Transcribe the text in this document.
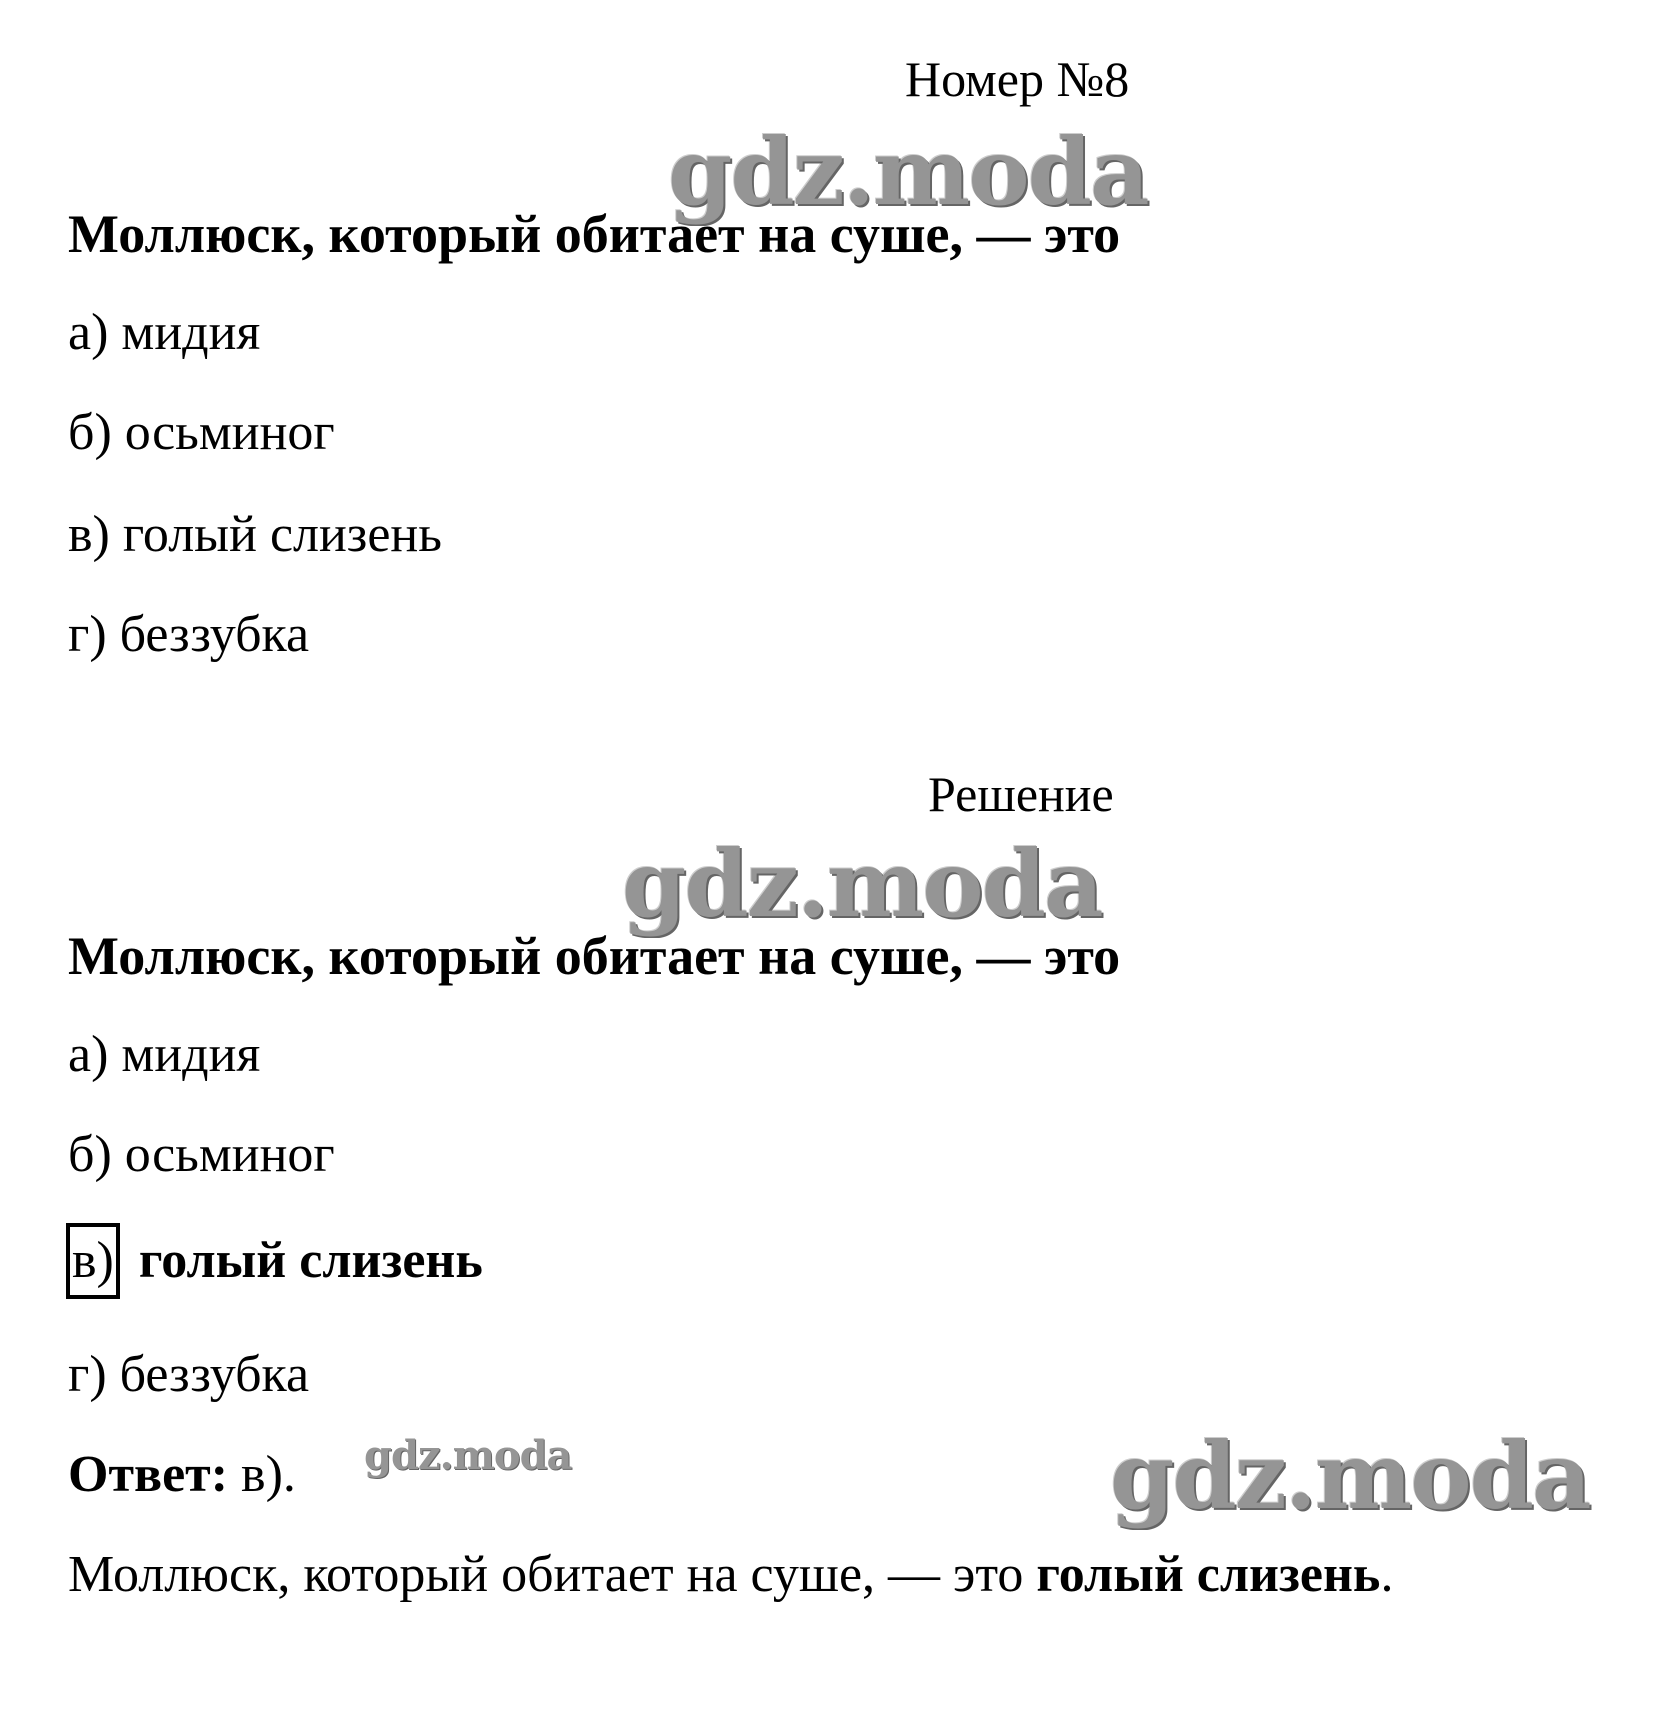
Номер №8
gdz.moda
Моллюск, который обитает на суше, — это
а) мидия
б) осьминог
в) голый слизень
г) беззубка
Решение
gdz.moda
Моллюск, который обитает на суше, — это
а) мидия
б) осьминог
в) голый слизень
г) беззубка
Ответ: в). gdz.moda	gdz.moda
Моллюск, который обитает на суше, — это голый слизень.
